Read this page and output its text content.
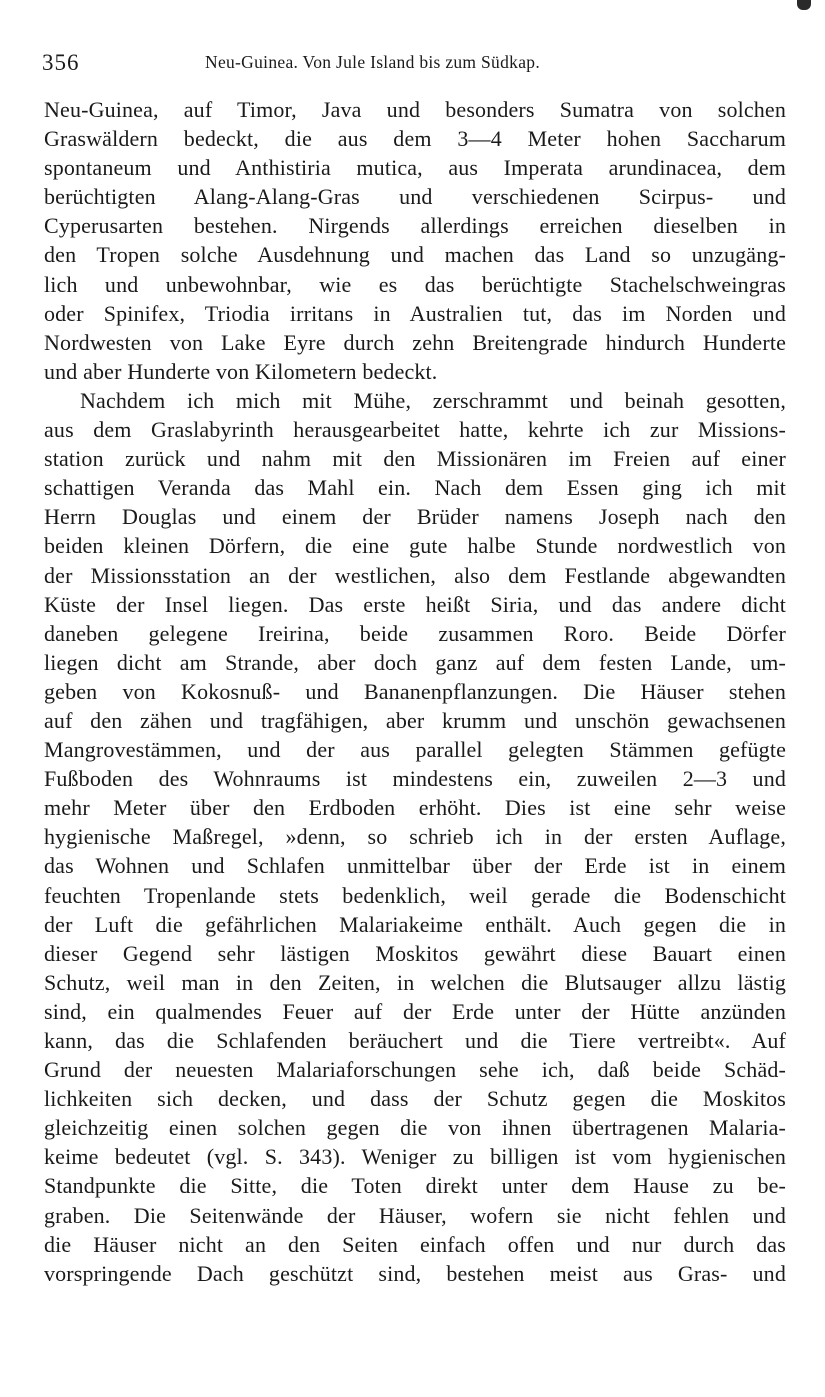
356	Neu-Guinea. Von Jule Island bis zum Südkap.
Neu-Guinea, auf Timor, Java und besonders Sumatra von solchen
Graswäldern bedeckt, die aus dem 3—4 Meter hohen Saccharum
spontaneum und Anthistiria mutica, aus Imperata arundinacea, dem
berüchtigten Alang-Alang-Gras und verschiedenen Scirpus- und
Cyperusarten bestehen. Nirgends allerdings erreichen dieselben in
den Tropen solche Ausdehnung und machen das Land so unzugäng-
lich und unbewohnbar, wie es das berüchtigte Stachelschweingras
oder Spinifex, Triodia irritans in Australien tut, das im Norden und
Nordwesten von Lake Eyre durch zehn Breitengrade hindurch Hunderte
und aber Hunderte von Kilometern bedeckt.
Nachdem ich mich mit Mühe, zerschrammt und beinah gesotten,
aus dem Graslabyrinth herausgearbeitet hatte, kehrte ich zur Missions-
station zurück und nahm mit den Missionären im Freien auf einer
schattigen Veranda das Mahl ein. Nach dem Essen ging ich mit
Herrn Douglas und einem der Brüder namens Joseph nach den
beiden kleinen Dörfern, die eine gute halbe Stunde nordwestlich von
der Missionsstation an der westlichen, also dem Festlande abgewandten
Küste der Insel liegen. Das erste heißt Siria, und das andere dicht
daneben gelegene Ireirina, beide zusammen Roro. Beide Dörfer
liegen dicht am Strande, aber doch ganz auf dem festen Lande, um-
geben von Kokosnuß- und Bananenpflanzungen. Die Häuser stehen
auf den zähen und tragfähigen, aber krumm und unschön gewachsenen
Mangrovestämmen, und der aus parallel gelegten Stämmen gefügte
Fußboden des Wohnraums ist mindestens ein, zuweilen 2—3 und
mehr Meter über den Erdboden erhöht. Dies ist eine sehr weise
hygienische Maßregel, »denn, so schrieb ich in der ersten Auflage,
das Wohnen und Schlafen unmittelbar über der Erde ist in einem
feuchten Tropenlande stets bedenklich, weil gerade die Bodenschicht
der Luft die gefährlichen Malariakeime enthält. Auch gegen die in
dieser Gegend sehr lästigen Moskitos gewährt diese Bauart einen
Schutz, weil man in den Zeiten, in welchen die Blutsauger allzu lästig
sind, ein qualmendes Feuer auf der Erde unter der Hütte anzünden
kann, das die Schlafenden beräuchert und die Tiere vertreibt«. Auf
Grund der neuesten Malariaforschungen sehe ich, daß beide Schäd-
lichkeiten sich decken, und dass der Schutz gegen die Moskitos
gleichzeitig einen solchen gegen die von ihnen übertragenen Malaria-
keime bedeutet (vgl. S. 343). Weniger zu billigen ist vom hygienischen
Standpunkte die Sitte, die Toten direkt unter dem Hause zu be-
graben. Die Seitenwände der Häuser, wofern sie nicht fehlen und
die Häuser nicht an den Seiten einfach offen und nur durch das
vorspringende Dach geschützt sind, bestehen meist aus Gras- und
